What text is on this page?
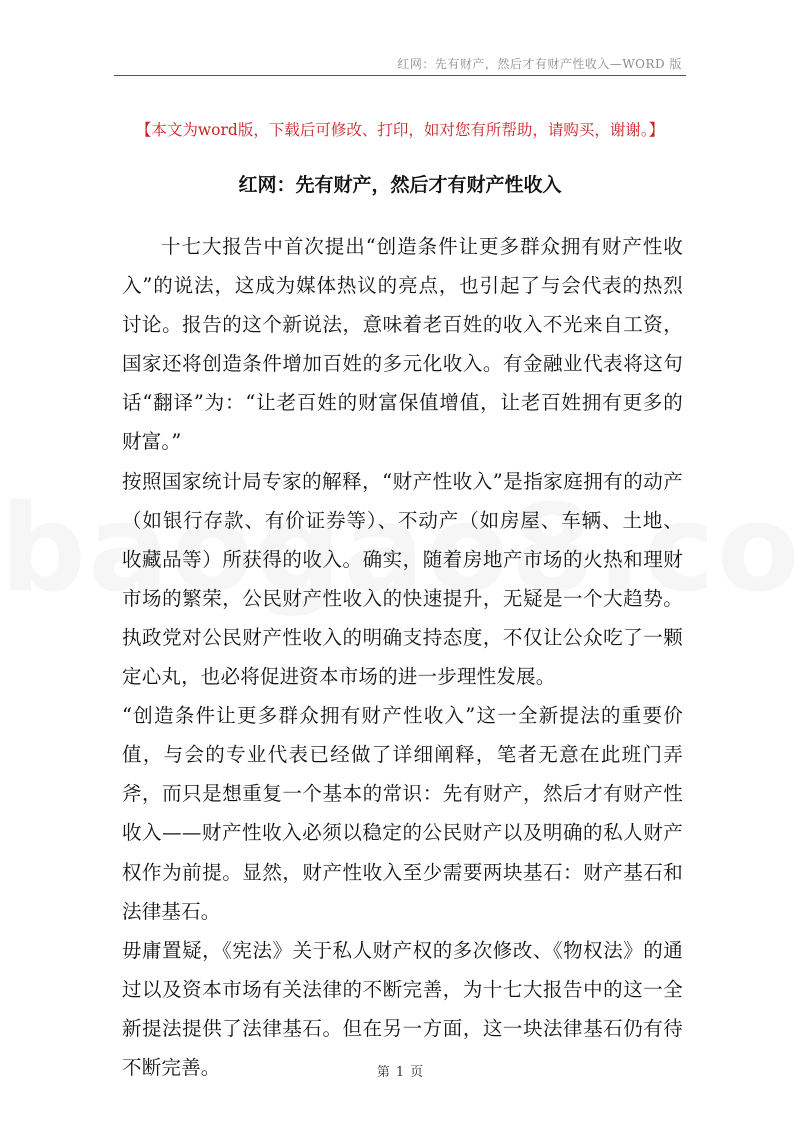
红网：先有财产，然后才有财产性收入—WORD 版
【本文为word版，下载后可修改、打印，如对您有所帮助，请购买，谢谢。】
红网：先有财产，然后才有财产性收入

十七大报告中首次提出“创造条件让更多群众拥有财产性收入”的说法，这成为媒体热议的亮点，也引起了与会代表的热烈讨论。报告的这个新说法，意味着老百姓的收入不光来自工资，国家还将创造条件增加百姓的多元化收入。有金融业代表将这句话“翻译”为：“让老百姓的财富保值增值，让老百姓拥有更多的财富。”

按照国家统计局专家的解释，“财产性收入”是指家庭拥有的动产（如银行存款、有价证券等）、不动产（如房屋、车辆、土地、收藏品等）所获得的收入。确实，随着房地产市场的火热和理财市场的繁荣，公民财产性收入的快速提升，无疑是一个大趋势。执政党对公民财产性收入的明确支持态度，不仅让公众吃了一颗定心丸，也必将促进资本市场的进一步理性发展。

“创造条件让更多群众拥有财产性收入”这一全新提法的重要价值，与会的专业代表已经做了详细阐释，笔者无意在此班门弄斧，而只是想重复一个基本的常识：先有财产，然后才有财产性收入——财产性收入必须以稳定的公民财产以及明确的私人财产权作为前提。显然，财产性收入至少需要两块基石：财产基石和法律基石。

毋庸置疑，《宪法》关于私人财产权的多次修改、《物权法》的通过以及资本市场有关法律的不断完善，为十七大报告中的这一全新提法提供了法律基石。但在另一方面，这一块法律基石仍有待不断完善。	第 1 页
